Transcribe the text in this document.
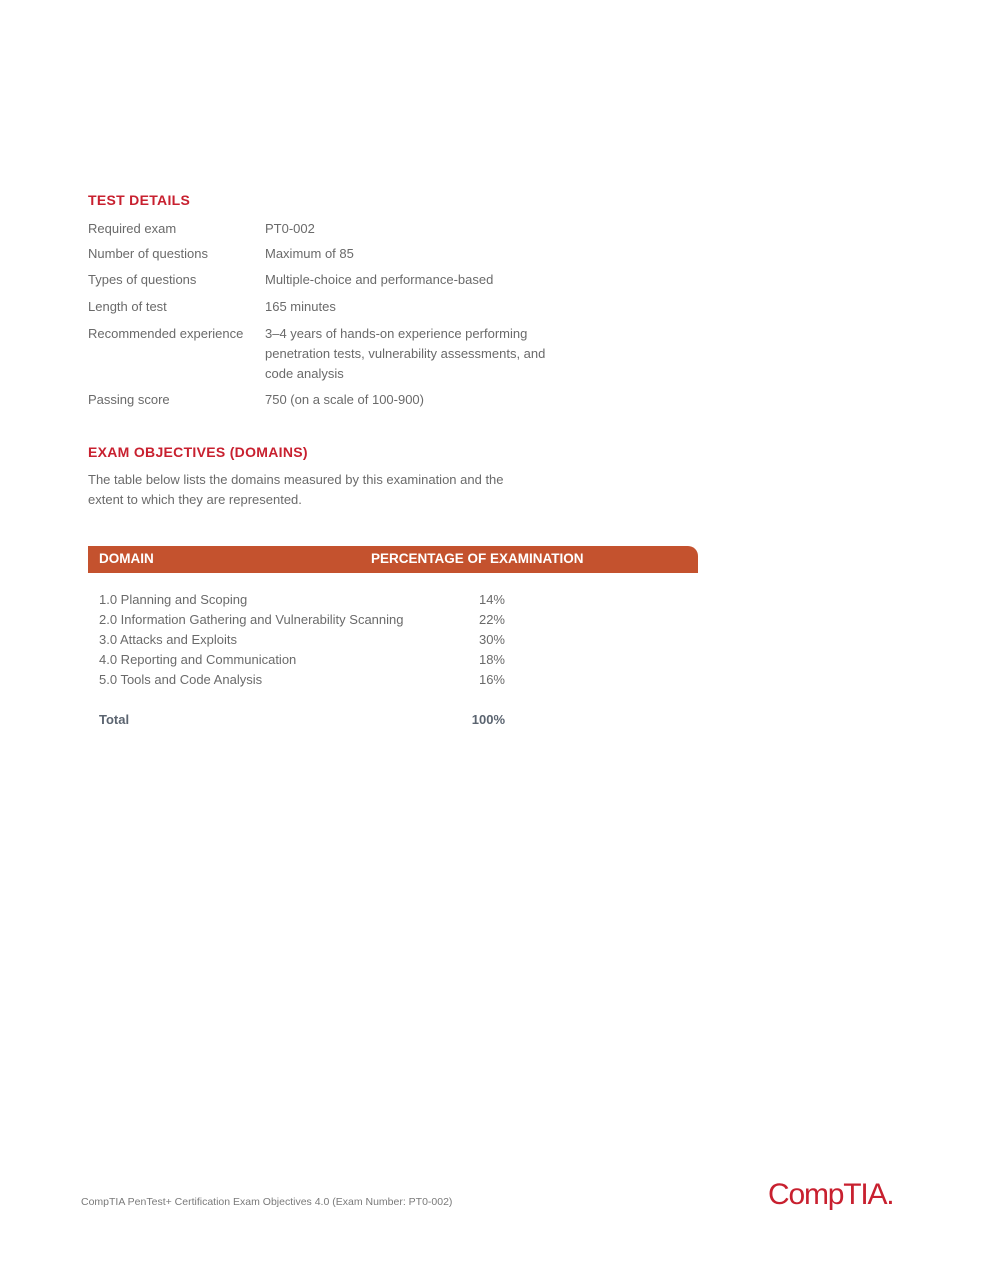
TEST DETAILS
Required exam	PT0-002
Number of questions	Maximum of 85
Types of questions	Multiple-choice and performance-based
Length of test	165 minutes
Recommended experience	3–4 years of hands-on experience performing penetration tests, vulnerability assessments, and code analysis
Passing score	750 (on a scale of 100-900)
EXAM OBJECTIVES (DOMAINS)

The table below lists the domains measured by this examination and the extent to which they are represented.

DOMAIN	PERCENTAGE OF EXAMINATION
1.0 Planning and Scoping	14%
2.0 Information Gathering and Vulnerability Scanning	22%
3.0 Attacks and Exploits	30%
4.0 Reporting and Communication	18%
5.0 Tools and Code Analysis	16%
Total	100%
CompTIA PenTest+ Certification Exam Objectives 4.0 (Exam Number: PT0-002)	CompTIA.
